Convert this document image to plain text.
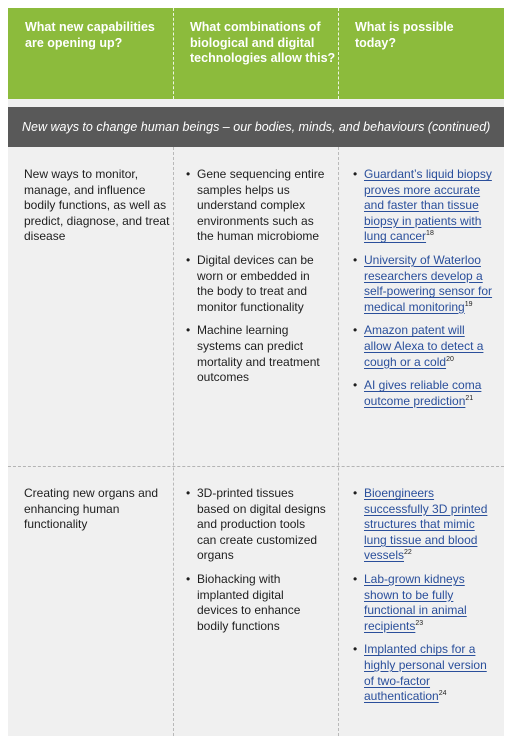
What new capabilities are opening up?
What combinations of biological and digital technologies allow this?
What is possible today?
New ways to change human beings – our bodies, minds, and behaviours (continued)
New ways to monitor, manage, and influence bodily functions, as well as predict, diagnose, and treat disease
• Gene sequencing entire samples helps us understand complex environments such as the human microbiome
• Digital devices can be worn or embedded in the body to treat and monitor functionality
• Machine learning systems can predict mortality and treatment outcomes
• Guardant’s liquid biopsy proves more accurate and faster than tissue biopsy in patients with lung cancer$^{18}$
• University of Waterloo researchers develop a self-powering sensor for medical monitoring$^{19}$
• Amazon patent will allow Alexa to detect a cough or a cold$^{20}$
• AI gives reliable coma outcome prediction$^{21}$
Creating new organs and enhancing human functionality
• 3D-printed tissues based on digital designs and production tools can create customized organs
• Biohacking with implanted digital devices to enhance bodily functions
• Bioengineers successfully 3D printed structures that mimic lung tissue and blood vessels$^{22}$
• Lab-grown kidneys shown to be fully functional in animal recipients$^{23}$
• Implanted chips for a highly personal version of two-factor authentication$^{24}$
